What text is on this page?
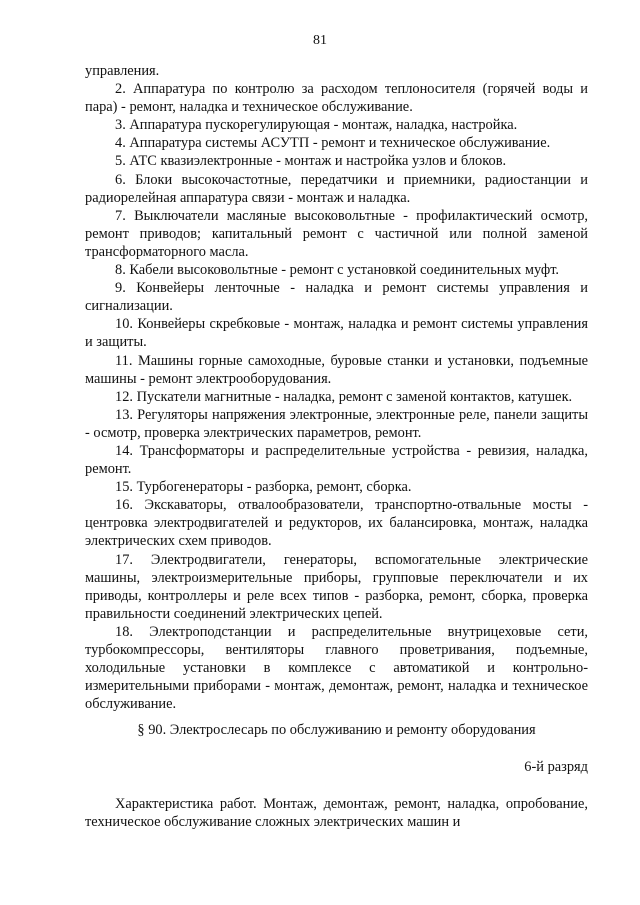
81

управления.

2. Аппаратура по контролю за расходом теплоносителя (горячей воды и пара) - ремонт, наладка и техническое обслуживание.

3. Аппаратура пускорегулирующая - монтаж, наладка, настройка.

4. Аппаратура системы АСУТП - ремонт и техническое обслуживание.

5. АТС квазиэлектронные - монтаж и настройка узлов и блоков.

6. Блоки высокочастотные, передатчики и приемники, радиостанции и радиорелейная аппаратура связи - монтаж и наладка.

7. Выключатели масляные высоковольтные - профилактический осмотр, ремонт приводов; капитальный ремонт с частичной или полной заменой трансформаторного масла.

8. Кабели высоковольтные - ремонт с установкой соединительных муфт.

9. Конвейеры ленточные - наладка и ремонт системы управления и сигнализации.

10. Конвейеры скребковые - монтаж, наладка и ремонт системы управления и защиты.

11. Машины горные самоходные, буровые станки и установки, подъемные машины - ремонт электрооборудования.

12. Пускатели магнитные - наладка, ремонт с заменой контактов, катушек.

13. Регуляторы напряжения электронные, электронные реле, панели защиты - осмотр, проверка электрических параметров, ремонт.

14. Трансформаторы и распределительные устройства - ревизия, наладка, ремонт.

15. Турбогенераторы - разборка, ремонт, сборка.

16. Экскаваторы, отвалообразователи, транспортно-отвальные мосты - центровка электродвигателей и редукторов, их балансировка, монтаж, наладка электрических схем приводов.

17. Электродвигатели, генераторы, вспомогательные электрические машины, электроизмерительные приборы, групповые переключатели и их приводы, контроллеры и реле всех типов - разборка, ремонт, сборка, проверка правильности соединений электрических цепей.

18. Электроподстанции и распределительные внутрицеховые сети, турбокомпрессоры, вентиляторы главного проветривания, подъемные, холодильные установки в комплексе с автоматикой и контрольно-измерительными приборами - монтаж, демонтаж, ремонт, наладка и техническое обслуживание.

§ 90. Электрослесарь по обслуживанию и ремонту оборудования
6-й разряд

Характеристика работ. Монтаж, демонтаж, ремонт, наладка, опробование, техническое обслуживание сложных электрических машин и
